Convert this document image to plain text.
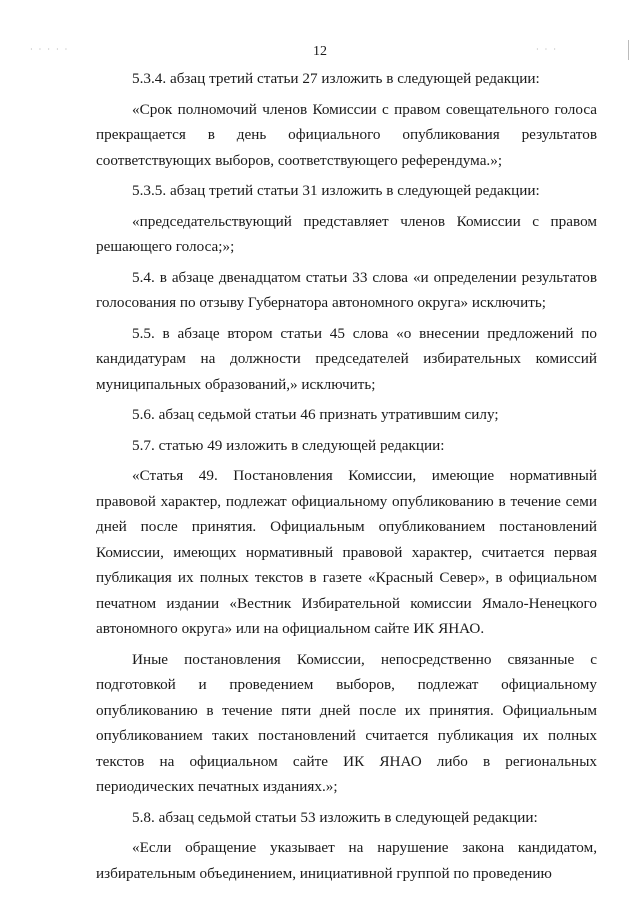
· · · · ·	12	· · ·

5.3.4. абзац третий статьи 27 изложить в следующей редакции:

«Срок полномочий членов Комиссии с правом совещательного голоса прекращается в день официального опубликования результатов соответствующих выборов, соответствующего референдума.»;

5.3.5. абзац третий статьи 31 изложить в следующей редакции:

«председательствующий представляет членов Комиссии с правом решающего голоса;»;

5.4. в абзаце двенадцатом статьи 33 слова «и определении результатов голосования по отзыву Губернатора автономного округа» исключить;

5.5. в абзаце втором статьи 45 слова «о внесении предложений по кандидатурам на должности председателей избирательных комиссий муниципальных образований,» исключить;

5.6. абзац седьмой статьи 46 признать утратившим силу;

5.7. статью 49 изложить в следующей редакции:

«Статья 49. Постановления Комиссии, имеющие нормативный правовой характер, подлежат официальному опубликованию в течение семи дней после принятия. Официальным опубликованием постановлений Комиссии, имеющих нормативный правовой характер, считается первая публикация их полных текстов в газете «Красный Север», в официальном печатном издании «Вестник Избирательной комиссии Ямало-Ненецкого автономного округа» или на официальном сайте ИК ЯНАО.

Иные постановления Комиссии, непосредственно связанные с подготовкой и проведением выборов, подлежат официальному опубликованию в течение пяти дней после их принятия. Официальным опубликованием таких постановлений считается публикация их полных текстов на официальном сайте ИК ЯНАО либо в региональных периодических печатных изданиях.»;

5.8. абзац седьмой статьи 53 изложить в следующей редакции:

«Если обращение указывает на нарушение закона кандидатом, избирательным объединением, инициативной группой по проведению
